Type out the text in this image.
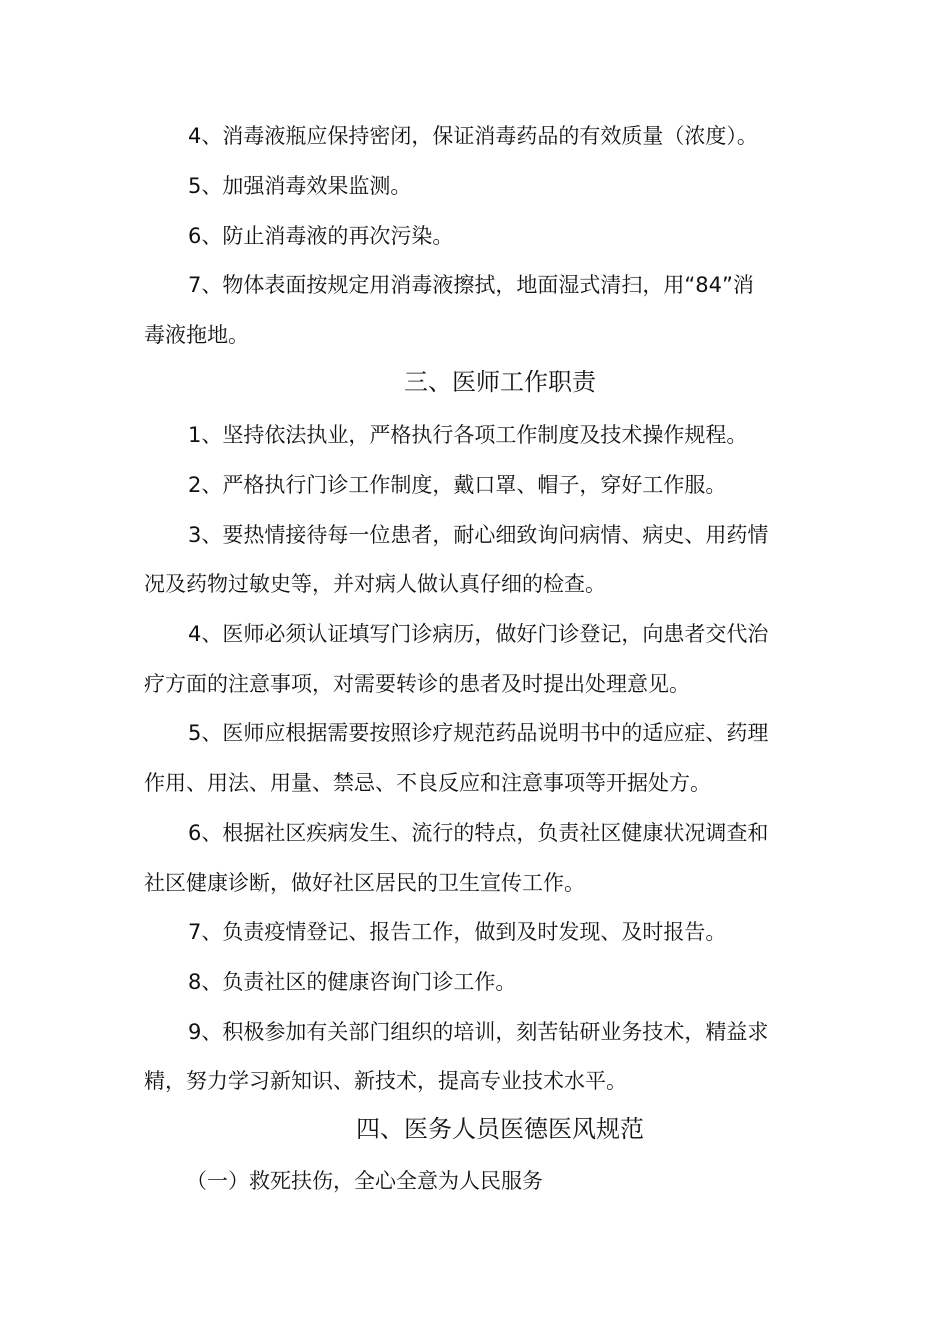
4、消毒液瓶应保持密闭，保证消毒药品的有效质量（浓度）。
5、加强消毒效果监测。
6、防止消毒液的再次污染。
7、物体表面按规定用消毒液擦拭，地面湿式清扫，用“84”消
毒液拖地。
三、医师工作职责
1、坚持依法执业，严格执行各项工作制度及技术操作规程。
2、严格执行门诊工作制度，戴口罩、帽子，穿好工作服。
3、要热情接待每一位患者，耐心细致询问病情、病史、用药情
况及药物过敏史等，并对病人做认真仔细的检查。
4、医师必须认证填写门诊病历，做好门诊登记，向患者交代治
疗方面的注意事项，对需要转诊的患者及时提出处理意见。
5、医师应根据需要按照诊疗规范药品说明书中的适应症、药理
作用、用法、用量、禁忌、不良反应和注意事项等开据处方。
6、根据社区疾病发生、流行的特点，负责社区健康状况调查和
社区健康诊断，做好社区居民的卫生宣传工作。
7、负责疫情登记、报告工作，做到及时发现、及时报告。
8、负责社区的健康咨询门诊工作。
9、积极参加有关部门组织的培训，刻苦钻研业务技术，精益求
精，努力学习新知识、新技术，提高专业技术水平。
四、医务人员医德医风规范
（一）救死扶伤，全心全意为人民服务
